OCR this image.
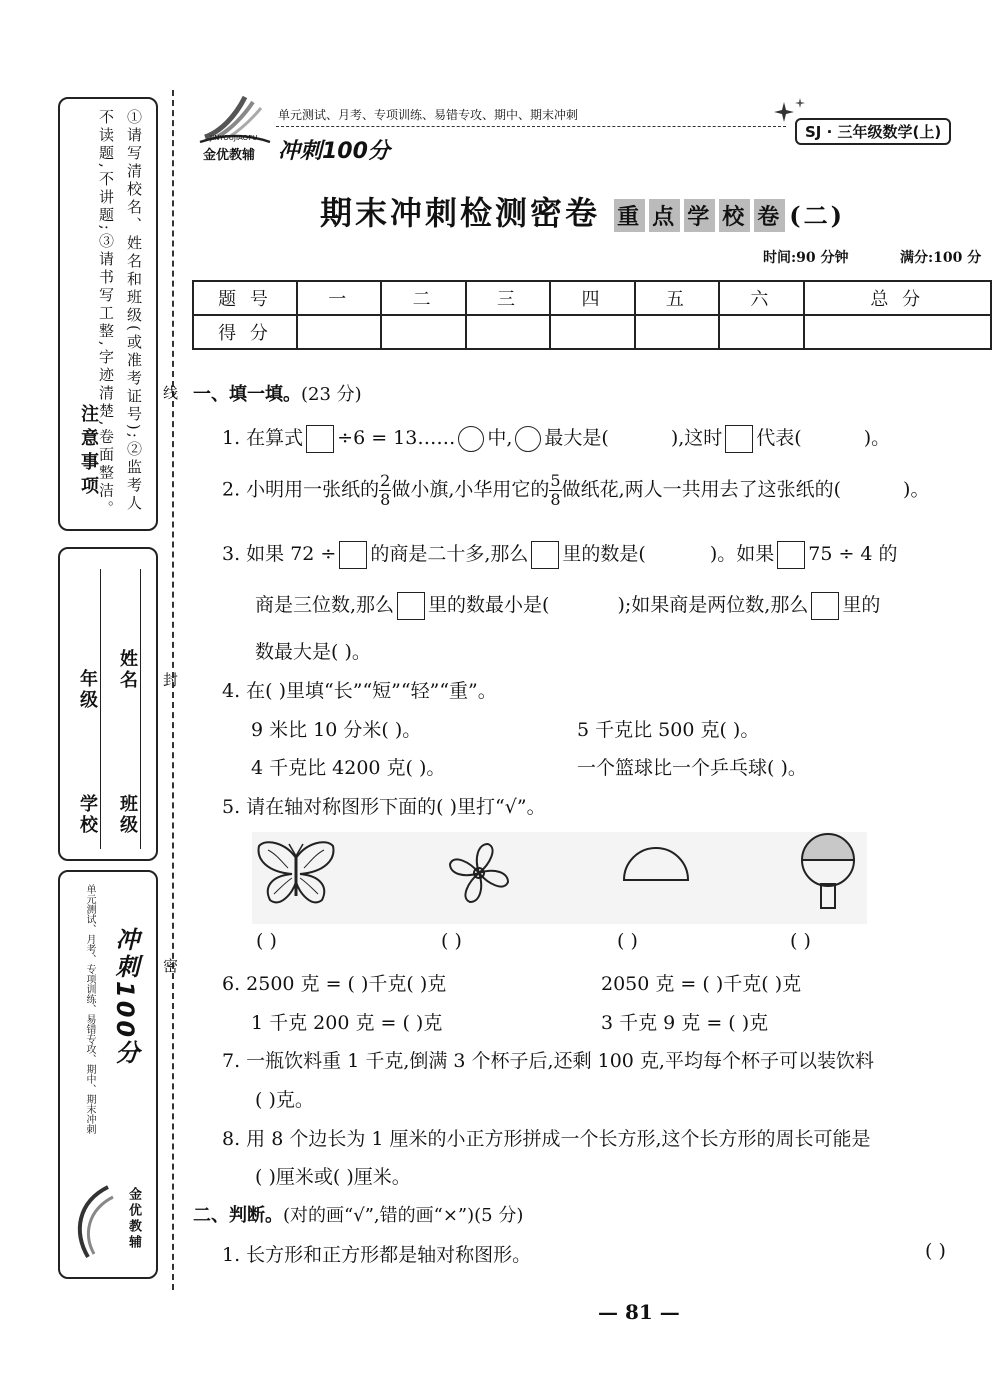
注意事项	①请写清校名、姓名和班级(或准考证号);②监考人不读题,不讲题;③请书写工整,字迹清楚,卷面整洁。
学校
年级
班级
姓名
单元测试、月考、专项训练、易错专攻、期中、期末冲刺 冲刺100分
金优教辅
线
封
密
JINYOUJIAOFU
金优教辅
单元测试、月考、专项训练、易错专攻、期中、期末冲刺
SJ · 三年级数学(上)
冲刺100分
期末冲刺检测密卷 重 点 学 校 卷 (二)
时间:90 分钟	满分:100 分
题 号	一	二	三	四	五	六	总 分
得 分							
一、填一填。(23 分)
1. 在算式 ÷6 = 13…… 中, 最大是(	),这时 代表(	)。
2. 小明用一张纸的 $\frac{2}{8}$ 做小旗,小华用它的 $\frac{5}{8}$ 做纸花,两人一共用去了这张纸的(	)。
3. 如果 72 ÷ 的商是二十多,那么 里的数是(	)。如果 75 ÷ 4 的
商是三位数,那么 里的数最小是(	);如果商是两位数,那么 里的
数最大是( )。
4. 在( )里填“长”“短”“轻”“重”。
9 米比 10 分米( )。	5 千克比 500 克( )。
4 千克比 4200 克( )。	一个篮球比一个乒乓球( )。
5. 请在轴对称图形下面的( )里打“√”。
( )	( )	( )	( )
6. 2500 克 = ( )千克( )克	2050 克 = ( )千克( )克
1 千克 200 克 = ( )克	3 千克 9 克 = ( )克
7. 一瓶饮料重 1 千克,倒满 3 个杯子后,还剩 100 克,平均每个杯子可以装饮料
( )克。
8. 用 8 个边长为 1 厘米的小正方形拼成一个长方形,这个长方形的周长可能是
( )厘米或( )厘米。
二、判断。(对的画“√”,错的画“×”)(5 分)
1. 长方形和正方形都是轴对称图形。	( )
— 81 —
